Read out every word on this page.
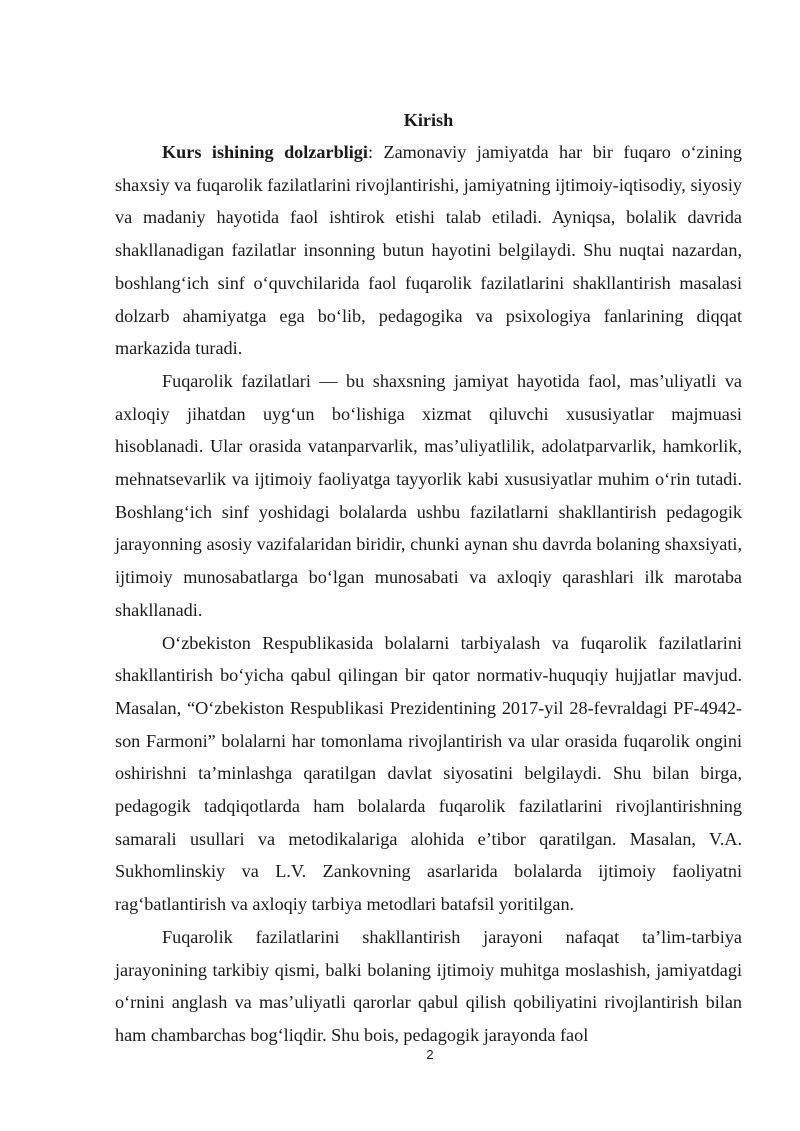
Kirish

Kurs ishining dolzarbligi: Zamonaviy jamiyatda har bir fuqaro o‘zining shaxsiy va fuqarolik fazilatlarini rivojlantirishi, jamiyatning ijtimoiy-iqtisodiy, siyosiy va madaniy hayotida faol ishtirok etishi talab etiladi. Ayniqsa, bolalik davrida shakllanadigan fazilatlar insonning butun hayotini belgilaydi. Shu nuqtai nazardan, boshlang‘ich sinf o‘quvchilarida faol fuqarolik fazilatlarini shakllantirish masalasi dolzarb ahamiyatga ega bo‘lib, pedagogika va psixologiya fanlarining diqqat markazida turadi.

Fuqarolik fazilatlari — bu shaxsning jamiyat hayotida faol, mas’uliyatli va axloqiy jihatdan uyg‘un bo‘lishiga xizmat qiluvchi xususiyatlar majmuasi hisoblanadi. Ular orasida vatanparvarlik, mas’uliyatlilik, adolatparvarlik, hamkorlik, mehnatsevarlik va ijtimoiy faoliyatga tayyorlik kabi xususiyatlar muhim o‘rin tutadi. Boshlang‘ich sinf yoshidagi bolalarda ushbu fazilatlarni shakllantirish pedagogik jarayonning asosiy vazifalaridan biridir, chunki aynan shu davrda bolaning shaxsiyati, ijtimoiy munosabatlarga bo‘lgan munosabati va axloqiy qarashlari ilk marotaba shakllanadi.

O‘zbekiston Respublikasida bolalarni tarbiyalash va fuqarolik fazilatlarini shakllantirish bo‘yicha qabul qilingan bir qator normativ-huquqiy hujjatlar mavjud. Masalan, “O‘zbekiston Respublikasi Prezidentining 2017-yil 28-fevraldagi PF-4942-son Farmoni” bolalarni har tomonlama rivojlantirish va ular orasida fuqarolik ongini oshirishni ta’minlashga qaratilgan davlat siyosatini belgilaydi. Shu bilan birga, pedagogik tadqiqotlarda ham bolalarda fuqarolik fazilatlarini rivojlantirishning samarali usullari va metodikalariga alohida e’tibor qaratilgan. Masalan, V.A. Sukhomlinskiy va L.V. Zankovning asarlarida bolalarda ijtimoiy faoliyatni rag‘batlantirish va axloqiy tarbiya metodlari batafsil yoritilgan.

Fuqarolik fazilatlarini shakllantirish jarayoni nafaqat ta’lim-tarbiya jarayonining tarkibiy qismi, balki bolaning ijtimoiy muhitga moslashish, jamiyatdagi o‘rnini anglash va mas’uliyatli qarorlar qabul qilish qobiliyatini rivojlantirish bilan ham chambarchas bog‘liqdir. Shu bois, pedagogik jarayonda faol

2
